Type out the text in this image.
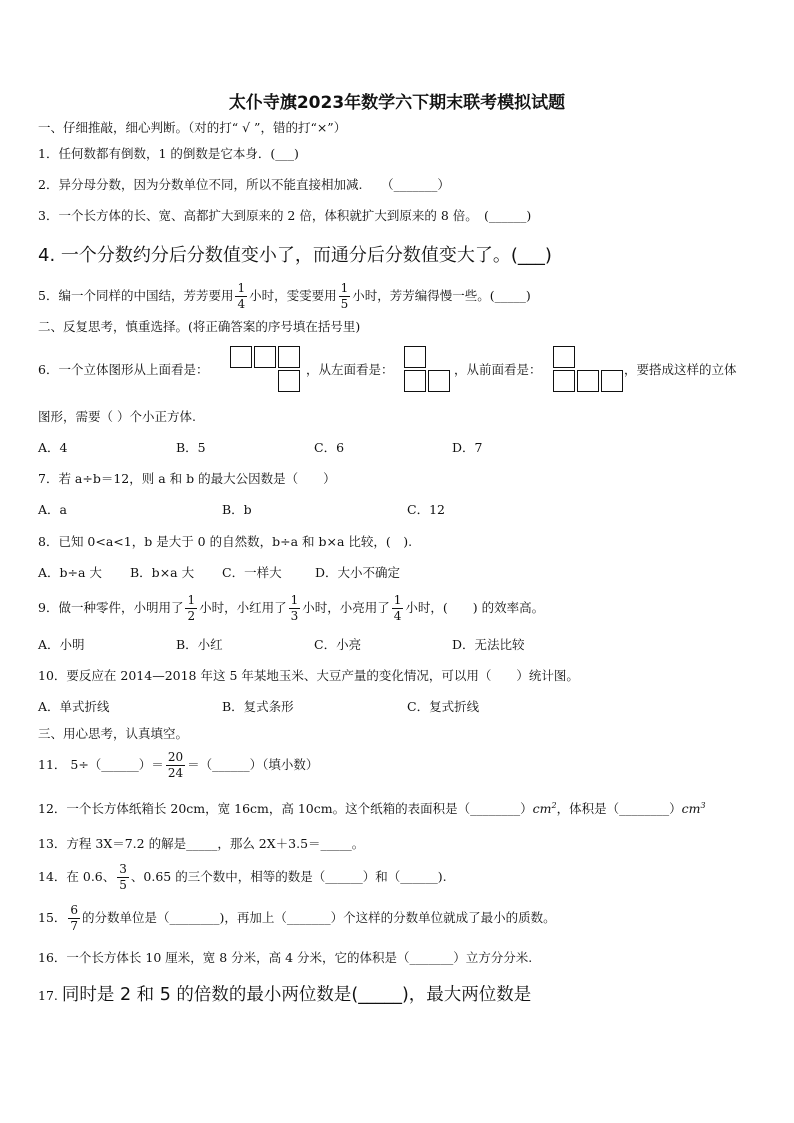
太仆寺旗2023年数学六下期末联考模拟试题
一、仔细推敲，细心判断。（对的打“ √ ”，错的打“×”）
1．任何数都有倒数，1 的倒数是它本身．(___)
2．异分母分数，因为分数单位不同，所以不能直接相加减.　　（_______）
3．一个长方体的长、宽、高都扩大到原来的 2 倍，体积就扩大到原来的 8 倍。　(______)
4. 一个分数约分后分数值变小了，而通分后分数值变大了。(___)
5．编一个同样的中国结，芳芳要用 $\frac{1}{4}$ 小时，雯雯要用 $\frac{1}{5}$ 小时，芳芳编得慢一些。(_____)
二、反复思考，慎重选择。(将正确答案的序号填在括号里)
6．一个立体图形从上面看是：	，从左面看是：	，从前面看是：	，要搭成这样的立体
图形，需要（ ）个小正方体.
A．4	B．5	C．6	D．7
7．若 a÷b＝12，则 a 和 b 的最大公因数是（　　）
A．a	B．b	C．12
8．已知 0<a<1，b 是大于 0 的自然数，b÷a 和 b×a 比较，(　).
A．b÷a 大 B．b×a 大 C．一样大	D．大小不确定
9．做一种零件，小明用了 $\frac{1}{2}$ 小时，小红用了 $\frac{1}{3}$ 小时，小亮用了 $\frac{1}{4}$ 小时，(　　) 的效率高。
A．小明	B．小红	C．小亮	D．无法比较
10．要反应在 2014—2018 年这 5 年某地玉米、大豆产量的变化情况，可以用（　　）统计图。
A．单式折线	B．复式条形	C．复式折线
三、用心思考，认真填空。
11． 5÷（______）＝ $\frac{20}{24}$ ＝（______）（填小数）
12．一个长方体纸箱长 20cm，宽 16cm，高 10cm。这个纸箱的表面积是$(\_\_\_\_\_\_\_\_)cm^2$，体积是$(\_\_\_\_\_\_\_\_)cm^3$
13．方程 3X＝7.2 的解是_____，那么 2X＋3.5＝_____。
14．在 0.6、 $\frac{3}{5}$ 、0.65 的三个数中，相等的数是（______）和（______).
15． $\frac{6}{7}$ 的分数单位是（________)，再加上（_______）个这样的分数单位就成了最小的质数。
16．一个长方体长 10 厘米，宽 8 分米，高 4 分米，它的体积是（_______）立方分分米.
17. 同时是 2 和 5 的倍数的最小两位数是(_____)，最大两位数是
